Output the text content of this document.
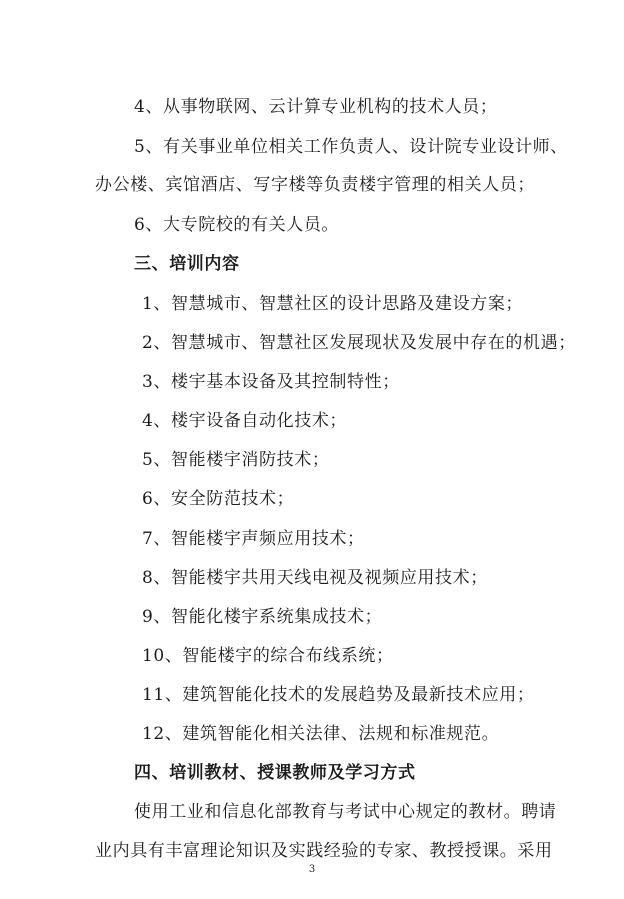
4、从事物联网、云计算专业机构的技术人员；
5、有关事业单位相关工作负责人、设计院专业设计师、
办公楼、宾馆酒店、写字楼等负责楼宇管理的相关人员；
6、大专院校的有关人员。
三、培训内容
1、智慧城市、智慧社区的设计思路及建设方案；
2、智慧城市、智慧社区发展现状及发展中存在的机遇；
3、楼宇基本设备及其控制特性；
4、楼宇设备自动化技术；
5、智能楼宇消防技术；
6、安全防范技术；
7、智能楼宇声频应用技术；
8、智能楼宇共用天线电视及视频应用技术；
9、智能化楼宇系统集成技术；
10、智能楼宇的综合布线系统；
11、建筑智能化技术的发展趋势及最新技术应用；
12、建筑智能化相关法律、法规和标准规范。
四、培训教材、授课教师及学习方式
使用工业和信息化部教育与考试中心规定的教材。聘请
业内具有丰富理论知识及实践经验的专家、教授授课。采用
3
